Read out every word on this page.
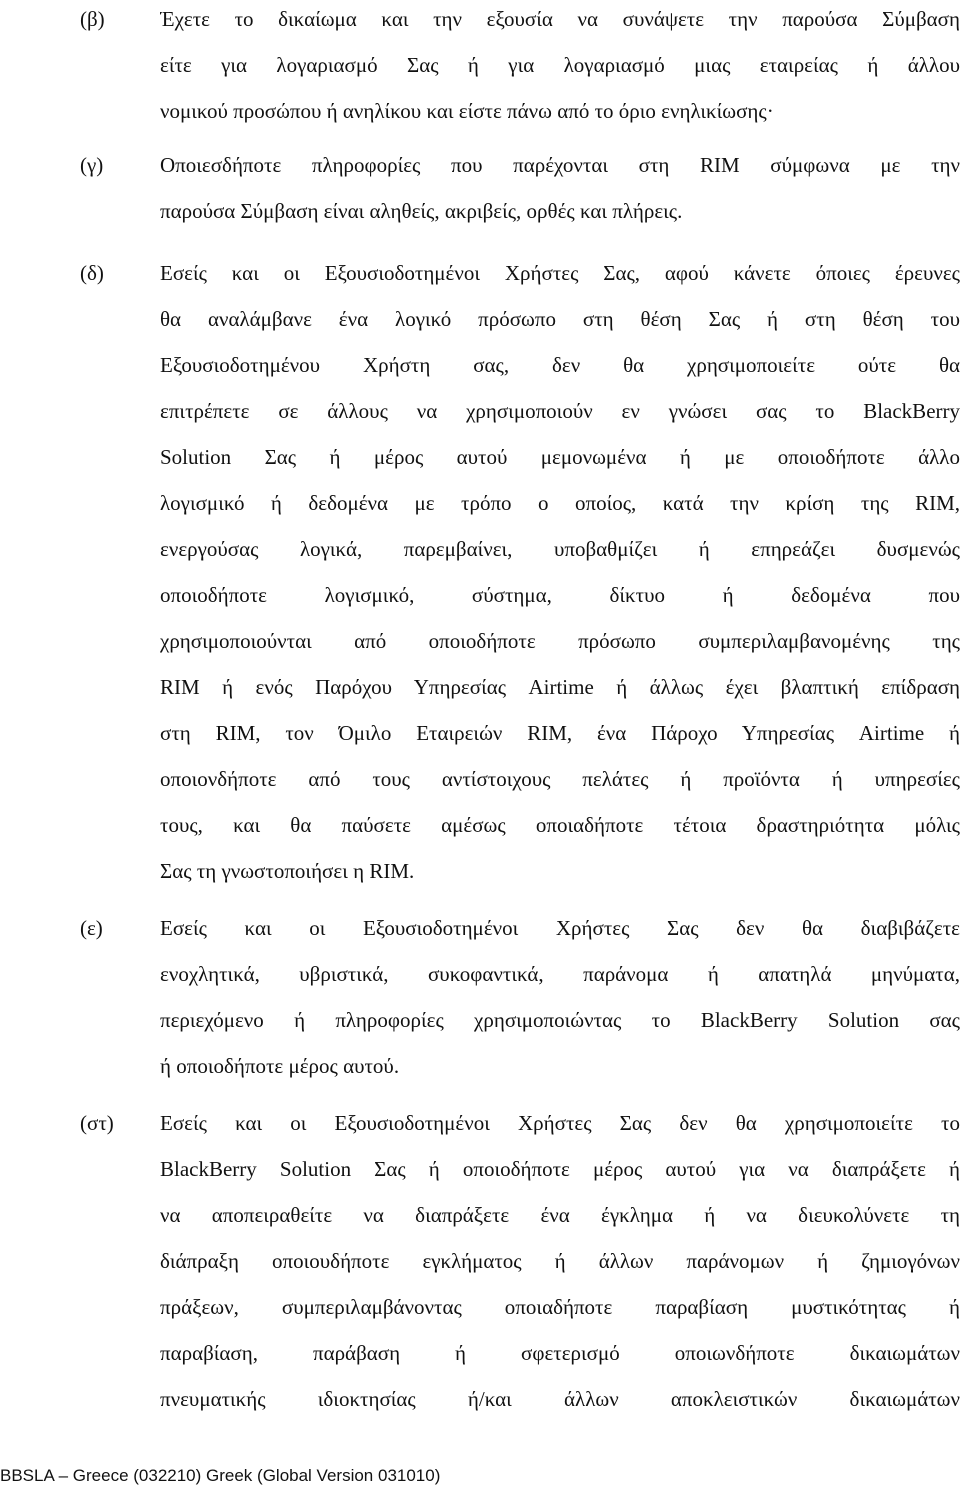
(β)	Έχετε το δικαίωμα και την εξουσία να συνάψετε την παρούσα Σύμβαση
είτε για λογαριασμό Σας ή για λογαριασμό μιας εταιρείας ή άλλου
νομικού προσώπου ή ανηλίκου και είστε πάνω από το όριο ενηλικίωσης·
(γ)	Οποιεσδήποτε πληροφορίες που παρέχονται στη RIM σύμφωνα με την
παρούσα Σύμβαση είναι αληθείς, ακριβείς, ορθές και πλήρεις.
(δ)	Εσείς και οι Εξουσιοδοτημένοι Χρήστες Σας, αφού κάνετε όποιες έρευνες
θα αναλάμβανε ένα λογικό πρόσωπο στη θέση Σας ή στη θέση του
Εξουσιοδοτημένου Χρήστη σας, δεν θα χρησιμοποιείτε ούτε θα
επιτρέπετε σε άλλους να χρησιμοποιούν εν γνώσει σας το BlackBerry
Solution Σας ή μέρος αυτού μεμονωμένα ή με οποιοδήποτε άλλο
λογισμικό ή δεδομένα με τρόπο ο οποίος, κατά την κρίση της RIM,
ενεργούσας λογικά, παρεμβαίνει, υποβαθμίζει ή επηρεάζει δυσμενώς
οποιοδήποτε λογισμικό, σύστημα, δίκτυο ή δεδομένα που
χρησιμοποιούνται από οποιοδήποτε πρόσωπο συμπεριλαμβανομένης της
RIM ή ενός Παρόχου Υπηρεσίας Airtime ή άλλως έχει βλαπτική επίδραση
στη RIM, τον Όμιλο Εταιρειών RIM, ένα Πάροχο Υπηρεσίας Airtime ή
οποιονδήποτε από τους αντίστοιχους πελάτες ή προϊόντα ή υπηρεσίες
τους, και θα παύσετε αμέσως οποιαδήποτε τέτοια δραστηριότητα μόλις
Σας τη γνωστοποιήσει η RIM.
(ε)	Εσείς και οι Εξουσιοδοτημένοι Χρήστες Σας δεν θα διαβιβάζετε
ενοχλητικά, υβριστικά, συκοφαντικά, παράνομα ή απατηλά μηνύματα,
περιεχόμενο ή πληροφορίες χρησιμοποιώντας το BlackBerry Solution σας
ή οποιοδήποτε μέρος αυτού.
(στ) Εσείς και οι Εξουσιοδοτημένοι Χρήστες Σας δεν θα χρησιμοποιείτε το
BlackBerry Solution Σας ή οποιοδήποτε μέρος αυτού για να διαπράξετε ή
να αποπειραθείτε να διαπράξετε ένα έγκλημα ή να διευκολύνετε τη
διάπραξη οποιουδήποτε εγκλήματος ή άλλων παράνομων ή ζημιογόνων
πράξεων, συμπεριλαμβάνοντας οποιαδήποτε παραβίαση μυστικότητας ή
παραβίαση, παράβαση ή σφετερισμό οποιωνδήποτε δικαιωμάτων
πνευματικής ιδιοκτησίας ή/και άλλων αποκλειστικών δικαιωμάτων
BBSLA – Greece (032210) Greek (Global Version 031010)
